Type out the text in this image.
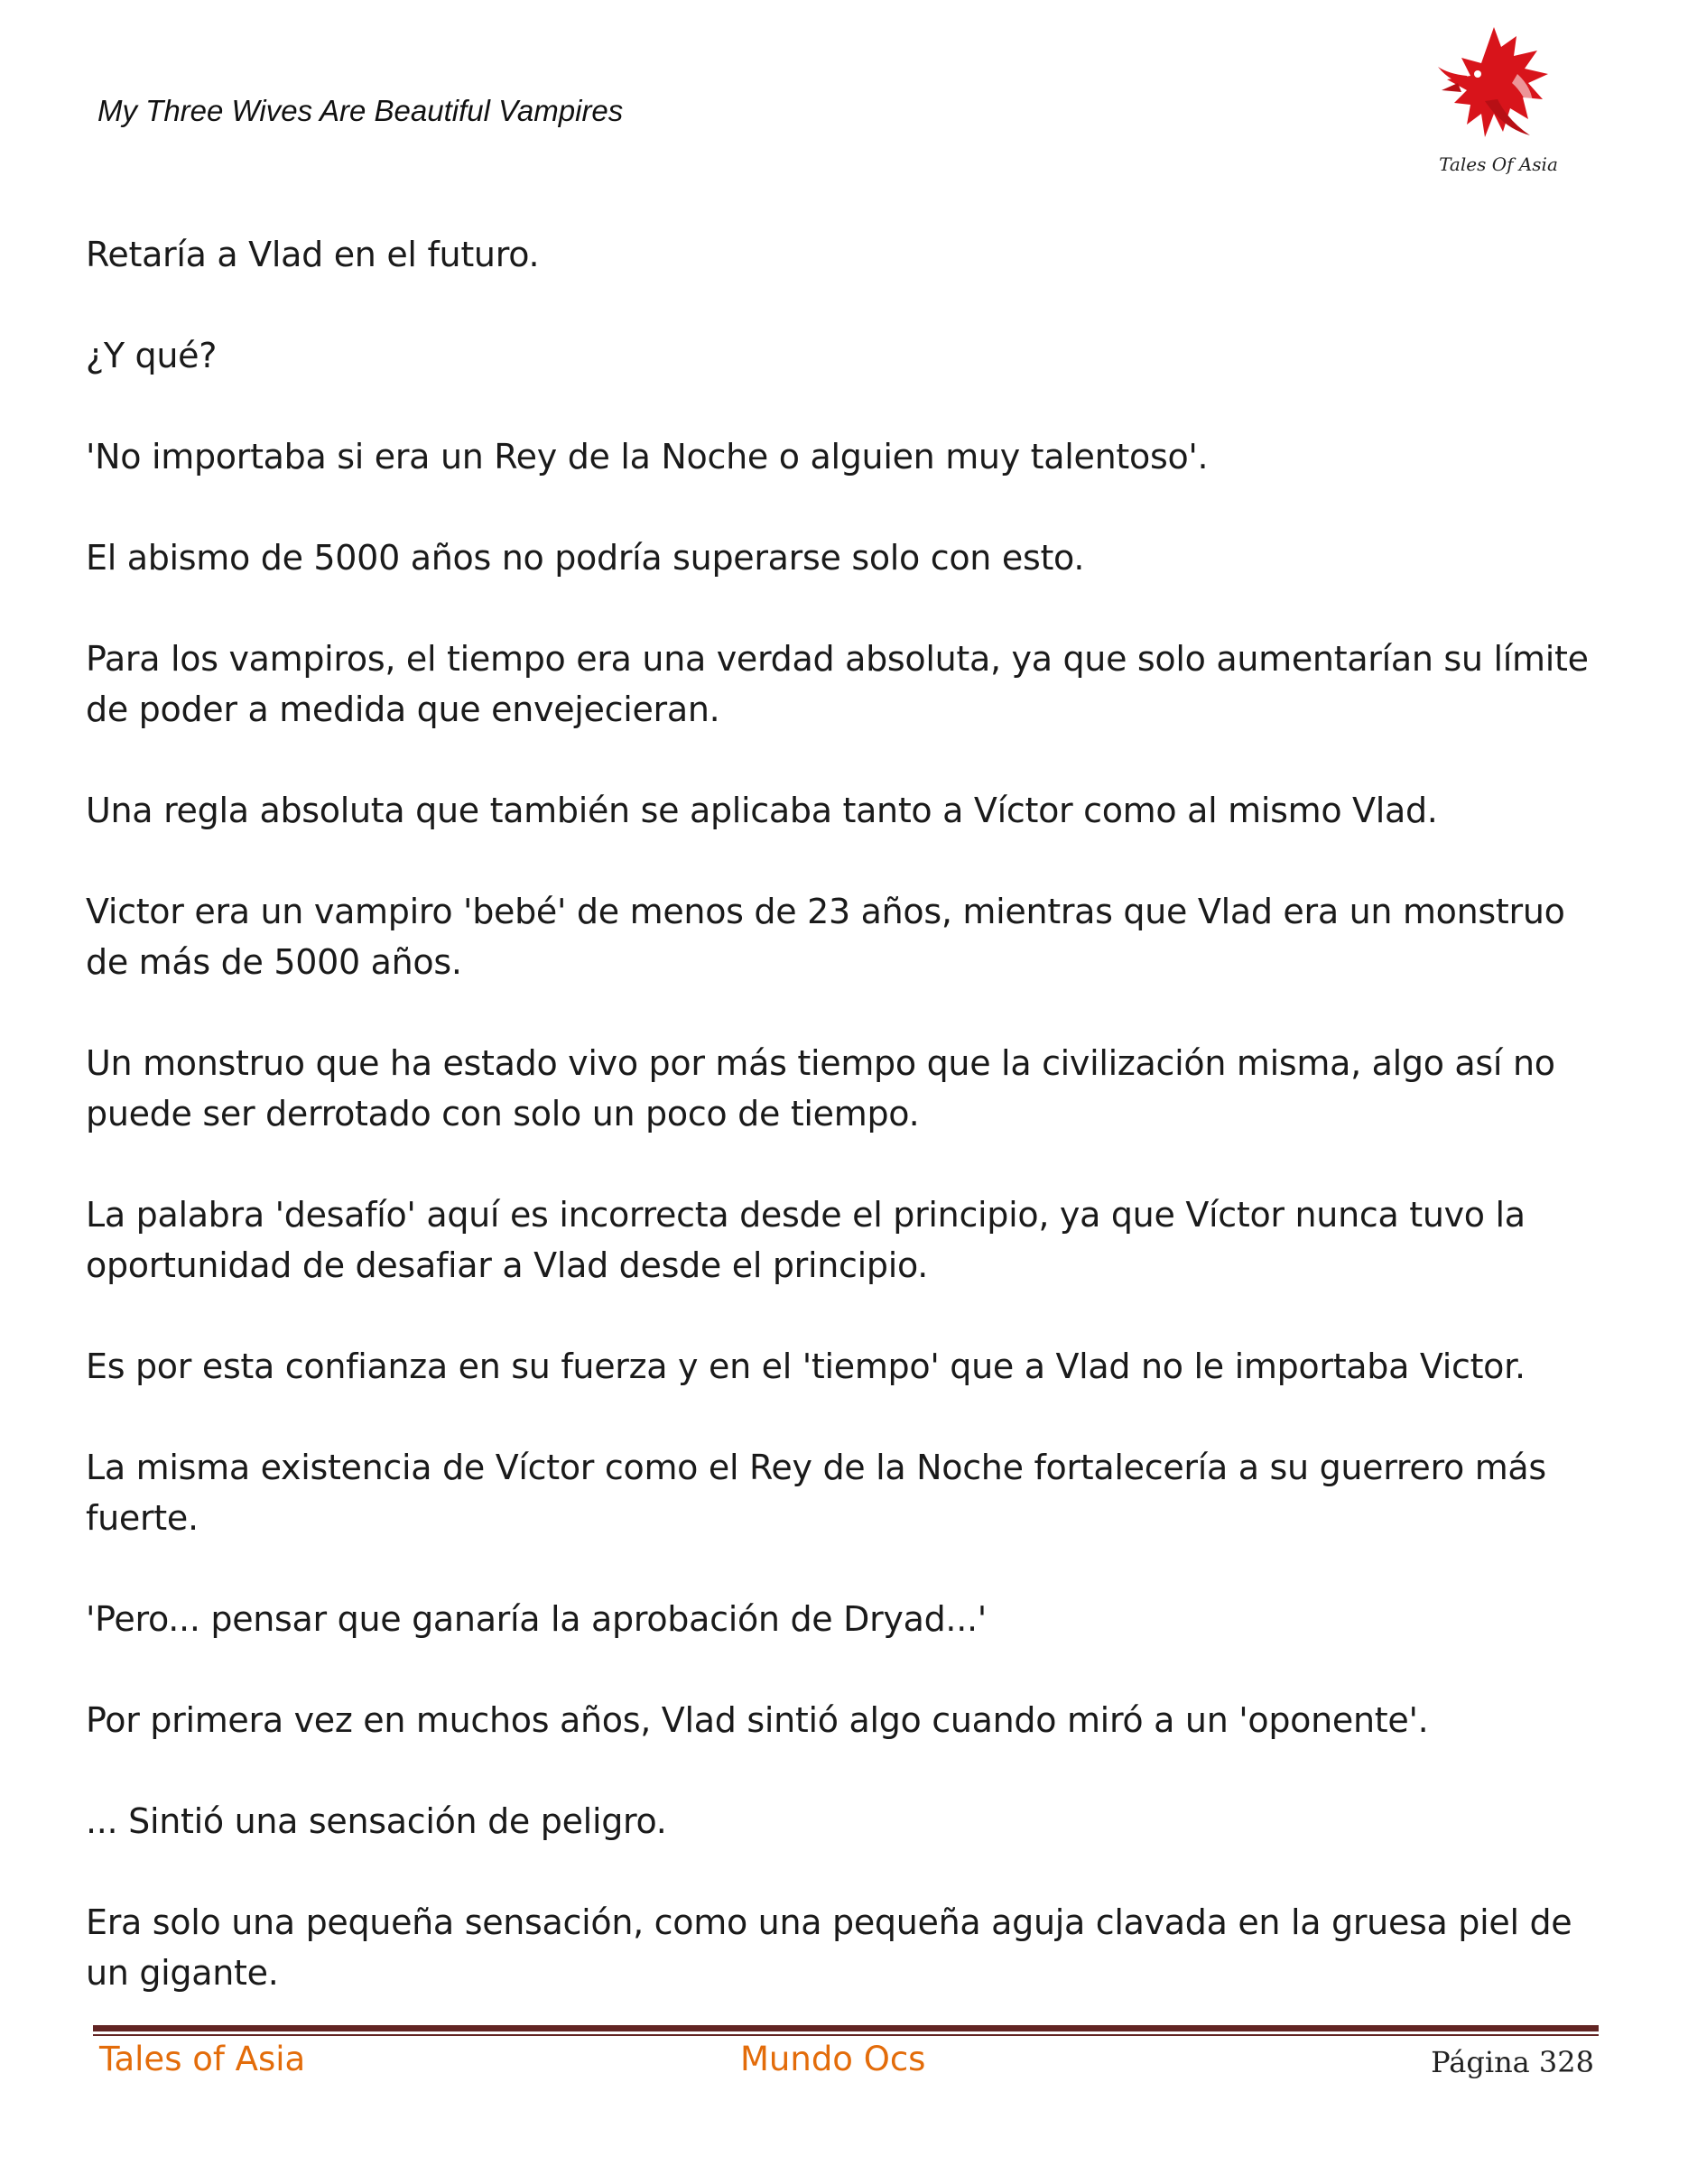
My Three Wives Are Beautiful Vampires
Tales Of Asia

Retaría a Vlad en el futuro.

¿Y qué?

'No importaba si era un Rey de la Noche o alguien muy talentoso'.

El abismo de 5000 años no podría superarse solo con esto.

Para los vampiros, el tiempo era una verdad absoluta, ya que solo aumentarían su límite de poder a medida que envejecieran.

Una regla absoluta que también se aplicaba tanto a Víctor como al mismo Vlad.

Victor era un vampiro 'bebé' de menos de 23 años, mientras que Vlad era un monstruo de más de 5000 años.

Un monstruo que ha estado vivo por más tiempo que la civilización misma, algo así no puede ser derrotado con solo un poco de tiempo.

La palabra 'desafío' aquí es incorrecta desde el principio, ya que Víctor nunca tuvo la oportunidad de desafiar a Vlad desde el principio.

Es por esta confianza en su fuerza y en el 'tiempo' que a Vlad no le importaba Victor.

La misma existencia de Víctor como el Rey de la Noche fortalecería a su guerrero más fuerte.

'Pero... pensar que ganaría la aprobación de Dryad...'

Por primera vez en muchos años, Vlad sintió algo cuando miró a un 'oponente'.

... Sintió una sensación de peligro.

Era solo una pequeña sensación, como una pequeña aguja clavada en la gruesa piel de un gigante.

Tales of Asia	Mundo Ocs	Página 328
